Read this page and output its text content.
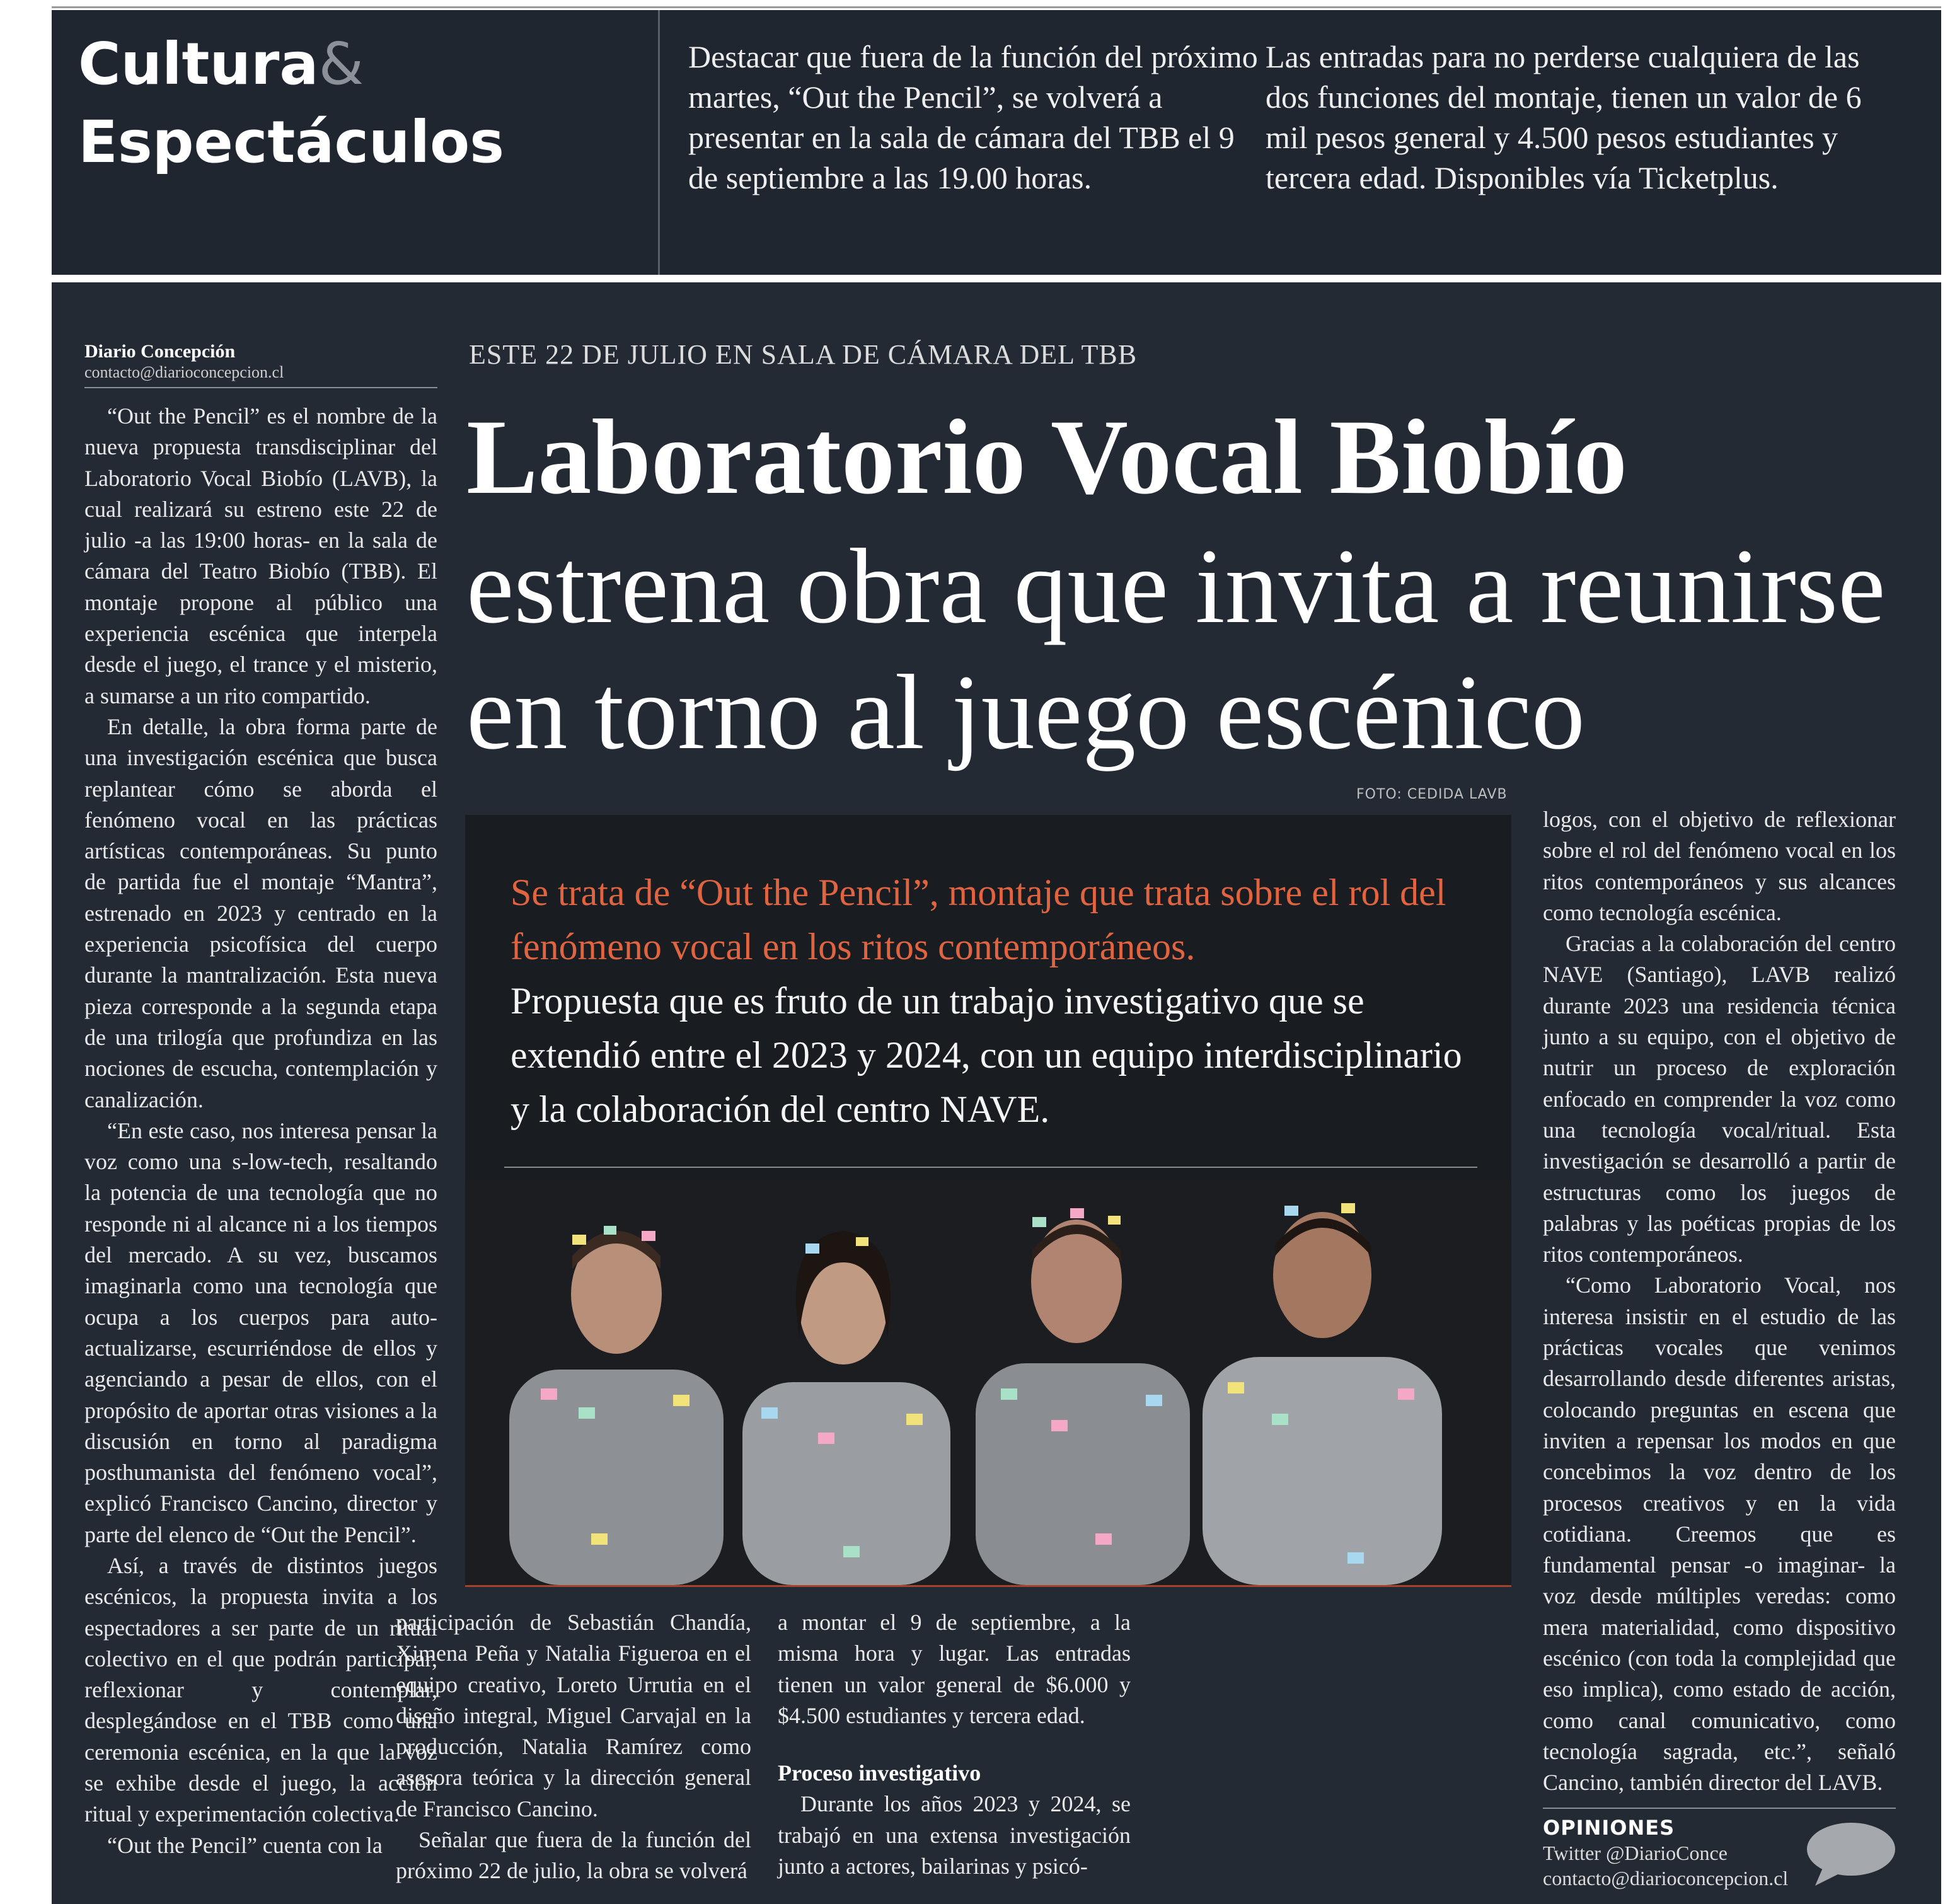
Cultura&
Espectáculos
Destacar que fuera de la función del próximo martes, “Out the Pencil”, se volverá a presentar en la sala de cámara del TBB el 9 de septiembre a las 19.00 horas.
Las entradas para no perderse cualquiera de las dos funciones del montaje, tienen un valor de 6 mil pesos general y 4.500 pesos estudiantes y tercera edad. Disponibles vía Ticketplus.
Diario Concepción
contacto@diarioconcepcion.cl

“Out the Pencil” es el nombre de la nueva propuesta transdisciplinar del Laboratorio Vocal Biobío (LAVB), la cual realizará su estreno este 22 de julio -a las 19:00 horas- en la sala de cámara del Teatro Biobío (TBB). El montaje propone al público una experiencia escénica que interpela desde el juego, el trance y el misterio, a sumarse a un rito compartido.

En detalle, la obra forma parte de una investigación escénica que busca replantear cómo se aborda el fenómeno vocal en las prácticas artísticas contemporáneas. Su punto de partida fue el montaje “Mantra”, estrenado en 2023 y centrado en la experiencia psicofísica del cuerpo durante la mantralización. Esta nueva pieza corresponde a la segunda etapa de una trilogía que profundiza en las nociones de escucha, contemplación y canalización.

“En este caso, nos interesa pensar la voz como una s-low-tech, resaltando la potencia de una tecnología que no responde ni al alcance ni a los tiempos del mercado. A su vez, buscamos imaginarla como una tecnología que ocupa a los cuerpos para auto-actualizarse, escurriéndose de ellos y agenciando a pesar de ellos, con el propósito de aportar otras visiones a la discusión en torno al paradigma posthumanista del fenómeno vocal”, explicó Francisco Cancino, director y parte del elenco de “Out the Pencil”.

Así, a través de distintos juegos escénicos, la propuesta invita a los espectadores a ser parte de un ritual colectivo en el que podrán participar, reflexionar y contemplar, desplegándose en el TBB como una ceremonia escénica, en la que la voz se exhibe desde el juego, la acción ritual y experimentación colectiva.

“Out the Pencil” cuenta con la

ESTE 22 DE JULIO EN SALA DE CÁMARA DEL TBB
Laboratorio Vocal Biobío
estrena obra que invita a reunirse
en torno al juego escénico
FOTO: CEDIDA LAVB
Se trata de “Out the Pencil”, montaje que trata sobre el rol del fenómeno vocal en los ritos contemporáneos.
Propuesta que es fruto de un trabajo investigativo que se extendió entre el 2023 y 2024, con un equipo interdisciplinario y la colaboración del centro NAVE.

participación de Sebastián Chandía, Ximena Peña y Natalia Figueroa en el equipo creativo, Loreto Urrutia en el diseño integral, Miguel Carvajal en la producción, Natalia Ramírez como asesora teórica y la dirección general de Francisco Cancino.

Señalar que fuera de la función del próximo 22 de julio, la obra se volverá

a montar el 9 de septiembre, a la misma hora y lugar. Las entradas tienen un valor general de $6.000 y $4.500 estudiantes y tercera edad.

Proceso investigativo

Durante los años 2023 y 2024, se trabajó en una extensa investigación junto a actores, bailarinas y psicó-

logos, con el objetivo de reflexionar sobre el rol del fenómeno vocal en los ritos contemporáneos y sus alcances como tecnología escénica.

Gracias a la colaboración del centro NAVE (Santiago), LAVB realizó durante 2023 una residencia técnica junto a su equipo, con el objetivo de nutrir un proceso de exploración enfocado en comprender la voz como una tecnología vocal/ritual. Esta investigación se desarrolló a partir de estructuras como los juegos de palabras y las poéticas propias de los ritos contemporáneos.

“Como Laboratorio Vocal, nos interesa insistir en el estudio de las prácticas vocales que venimos desarrollando desde diferentes aristas, colocando preguntas en escena que inviten a repensar los modos en que concebimos la voz dentro de los procesos creativos y en la vida cotidiana. Creemos que es fundamental pensar -o imaginar- la voz desde múltiples veredas: como mera materialidad, como dispositivo escénico (con toda la complejidad que eso implica), como estado de acción, como canal comunicativo, como tecnología sagrada, etc.”, señaló Cancino, también director del LAVB.

OPINIONES
Twitter @DiarioConce
contacto@diarioconcepcion.cl
